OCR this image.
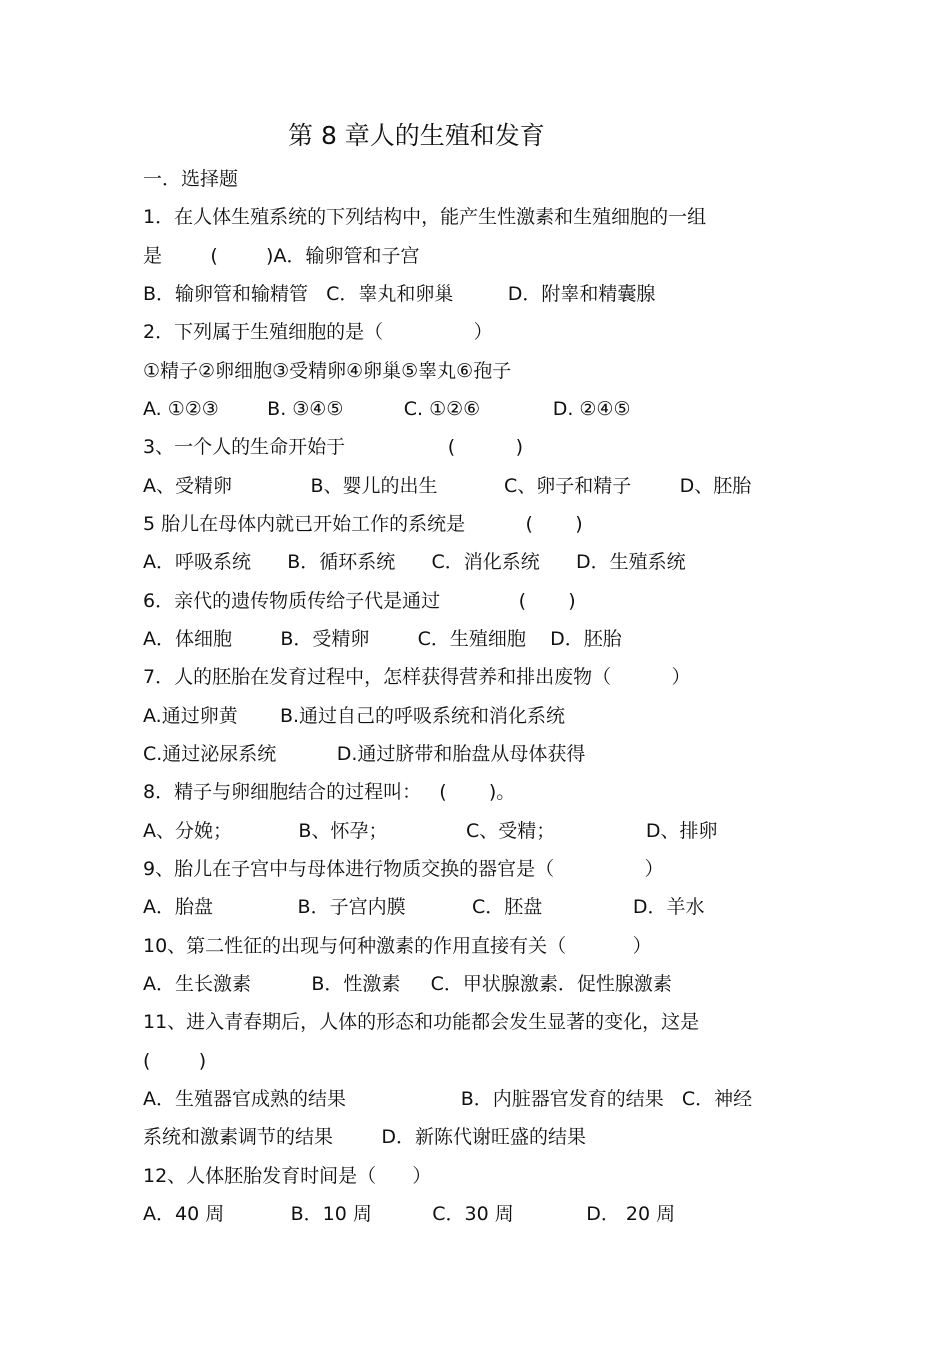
第 8 章人的生殖和发育
一．选择题
1．在人体生殖系统的下列结构中，能产生性激素和生殖细胞的一组
是        (        )A．输卵管和子宫
B．输卵管和输精管   C．睾丸和卵巢         D．附睾和精囊腺
2．下列属于生殖细胞的是（               ）
①精子②卵细胞③受精卵④卵巢⑤睾丸⑥孢子
A. ①②③        B. ③④⑤          C. ①②⑥            D. ②④⑤
3、一个人的生命开始于                 (          )
A、受精卵             B、婴儿的出生           C、卵子和精子        D、胚胎
5 胎儿在母体内就已开始工作的系统是          (       )
A．呼吸系统      B．循环系统      C．消化系统      D．生殖系统
6．亲代的遗传物质传给子代是通过             (       )
A．体细胞        B．受精卵        C．生殖细胞    D．胚胎
7．人的胚胎在发育过程中，怎样获得营养和排出废物（          ）
A.通过卵黄       B.通过自己的呼吸系统和消化系统
C.通过泌尿系统          D.通过脐带和胎盘从母体获得
8．精子与卵细胞结合的过程叫：   (       )。
A、分娩；           B、怀孕；             C、受精；               D、排卵
9、胎儿在子宫中与母体进行物质交换的器官是（               ）
A．胎盘              B．子宫内膜           C．胚盘               D．羊水
10、第二性征的出现与何种激素的作用直接有关（           ）
A．生长激素          B．性激素     C．甲状腺激素．促性腺激素
11、进入青春期后，人体的形态和功能都会发生显著的变化，这是
(        )
A．生殖器官成熟的结果                   B．内脏器官发育的结果   C．神经
系统和激素调节的结果        D．新陈代谢旺盛的结果
12、人体胚胎发育时间是（      ）
A．40 周           B．10 周          C．30 周            D． 20 周
